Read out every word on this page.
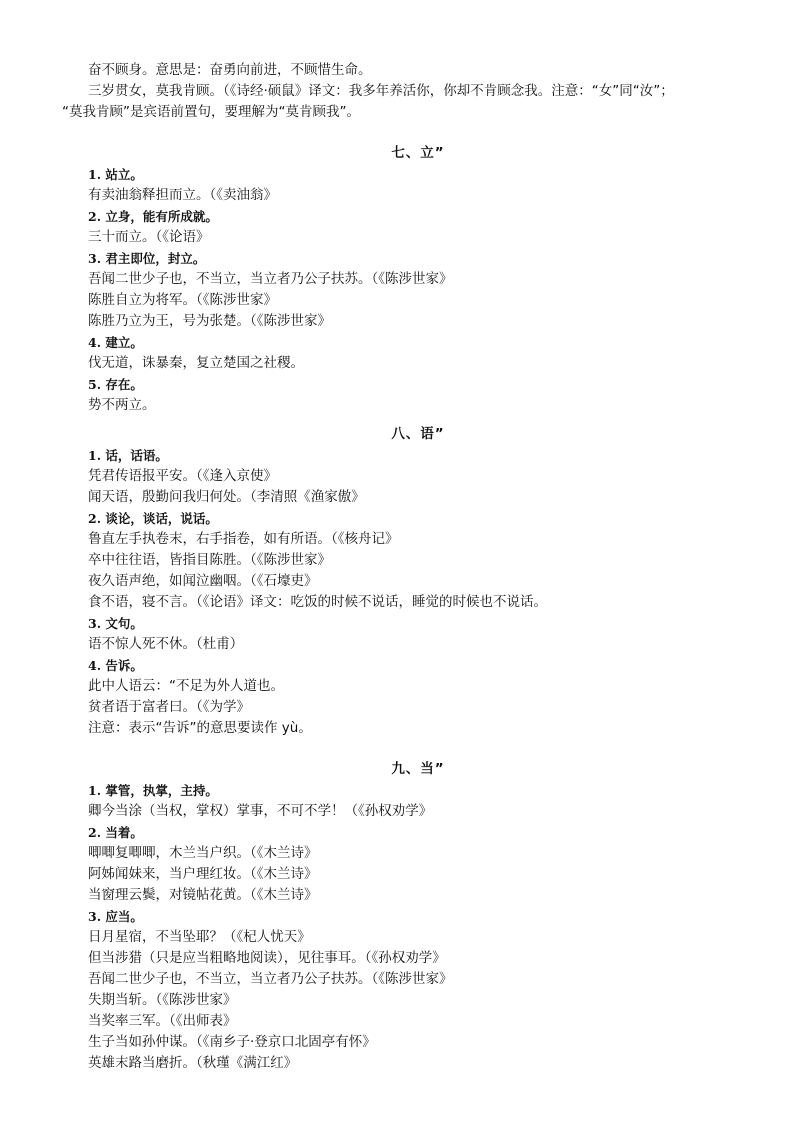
奋不顾身。意思是：奋勇向前进，不顾惜生命。
三岁贯女，莫我肯顾。（《诗经·硕鼠》译文：我多年养活你，你却不肯顾念我。注意：“女”同“汝”；
“莫我肯顾”是宾语前置句，要理解为“莫肯顾我”。
七、立”
1. 站立。
有卖油翁释担而立。（《卖油翁》
2. 立身，能有所成就。
三十而立。（《论语》
3. 君主即位，封立。
吾闻二世少子也，不当立，当立者乃公子扶苏。（《陈涉世家》
陈胜自立为将军。（《陈涉世家》
陈胜乃立为王，号为张楚。（《陈涉世家》
4. 建立。
伐无道，诛暴秦，复立楚国之社稷。
5. 存在。
势不两立。
八、语”
1. 话，话语。
凭君传语报平安。（《逢入京使》
闻天语，殷勤问我归何处。（李清照《渔家傲》
2. 谈论，谈话，说话。
鲁直左手执卷末，右手指卷，如有所语。（《核舟记》
卒中往往语，皆指目陈胜。（《陈涉世家》
夜久语声绝，如闻泣幽咽。（《石壕吏》
食不语，寝不言。（《论语》译文：吃饭的时候不说话，睡觉的时候也不说话。
3. 文句。
语不惊人死不休。（杜甫）
4. 告诉。
此中人语云：“不足为外人道也。
贫者语于富者曰。（《为学》
注意：表示“告诉”的意思要读作 yù。
九、当”
1. 掌管，执掌，主持。
卿今当涂（当权，掌权）掌事，不可不学！（《孙权劝学》
2. 当着。
唧唧复唧唧，木兰当户织。（《木兰诗》
阿姊闻妹来，当户理红妆。（《木兰诗》
当窗理云鬓，对镜帖花黄。（《木兰诗》
3. 应当。
日月星宿，不当坠耶？（《杞人忧天》
但当涉猎（只是应当粗略地阅读），见往事耳。（《孙权劝学》
吾闻二世少子也，不当立，当立者乃公子扶苏。（《陈涉世家》
失期当斩。（《陈涉世家》
当奖率三军。（《出师表》
生子当如孙仲谋。（《南乡子·登京口北固亭有怀》
英雄末路当磨折。（秋瑾《满江红》
